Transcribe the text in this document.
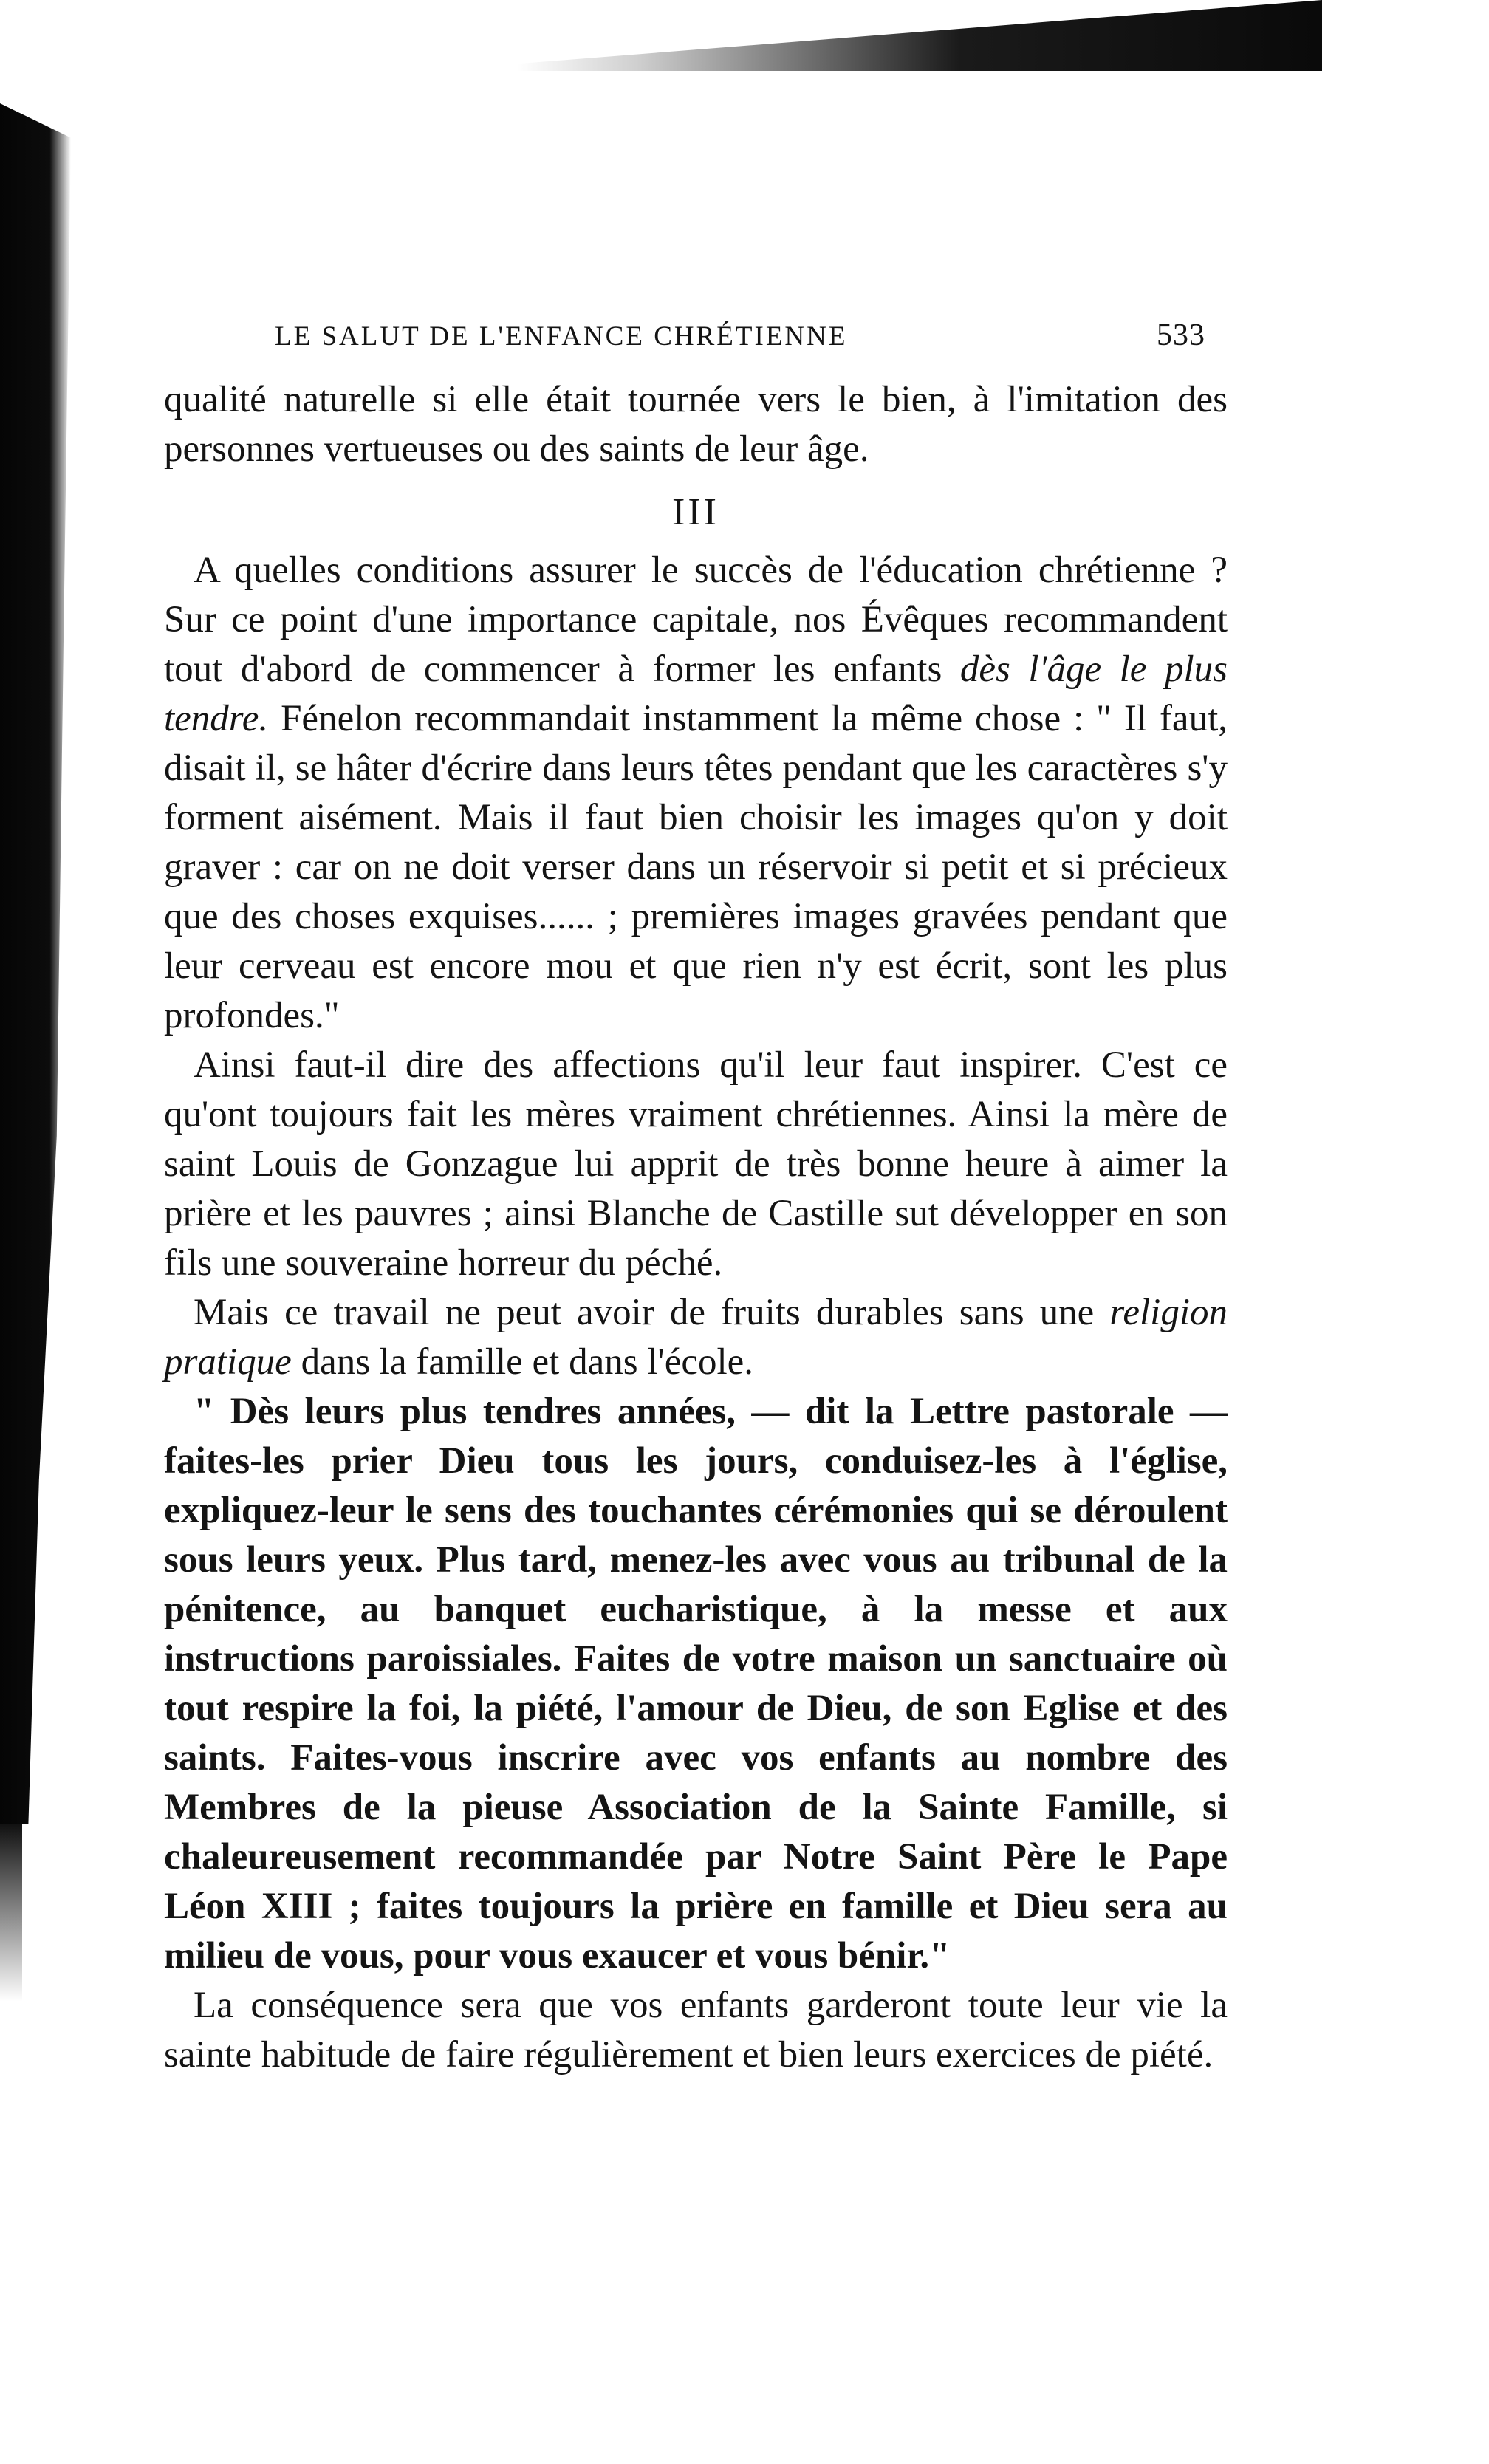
LE SALUT DE L'ENFANCE CHRÉTIENNE	533

qualité naturelle si elle était tournée vers le bien, à l'imitation des personnes vertueuses ou des saints de leur âge.

III

A quelles conditions assurer le succès de l'éducation chrétienne ? Sur ce point d'une importance capitale, nos Évêques recommandent tout d'abord de commencer à former les enfants dès l'âge le plus tendre. Fénelon recommandait instamment la même chose : " Il faut, disait il, se hâter d'écrire dans leurs têtes pendant que les caractères s'y forment aisément. Mais il faut bien choisir les images qu'on y doit graver : car on ne doit verser dans un réservoir si petit et si précieux que des choses exquises...... ; premières images gravées pendant que leur cerveau est encore mou et que rien n'y est écrit, sont les plus profondes."

Ainsi faut-il dire des affections qu'il leur faut inspirer. C'est ce qu'ont toujours fait les mères vraiment chrétiennes. Ainsi la mère de saint Louis de Gonzague lui apprit de très bonne heure à aimer la prière et les pauvres ; ainsi Blanche de Castille sut développer en son fils une souveraine horreur du péché.

Mais ce travail ne peut avoir de fruits durables sans une religion pratique dans la famille et dans l'école.

" Dès leurs plus tendres années, — dit la Lettre pastorale — faites-les prier Dieu tous les jours, conduisez-les à l'église, expliquez-leur le sens des touchantes cérémonies qui se déroulent sous leurs yeux. Plus tard, menez-les avec vous au tribunal de la pénitence, au banquet eucharistique, à la messe et aux instructions paroissiales. Faites de votre maison un sanctuaire où tout respire la foi, la piété, l'amour de Dieu, de son Eglise et des saints. Faites-vous inscrire avec vos enfants au nombre des Membres de la pieuse Association de la Sainte Famille, si chaleureusement recommandée par Notre Saint Père le Pape Léon XIII ; faites toujours la prière en famille et Dieu sera au milieu de vous, pour vous exaucer et vous bénir."

La conséquence sera que vos enfants garderont toute leur vie la sainte habitude de faire régulièrement et bien leurs exercices de piété.
